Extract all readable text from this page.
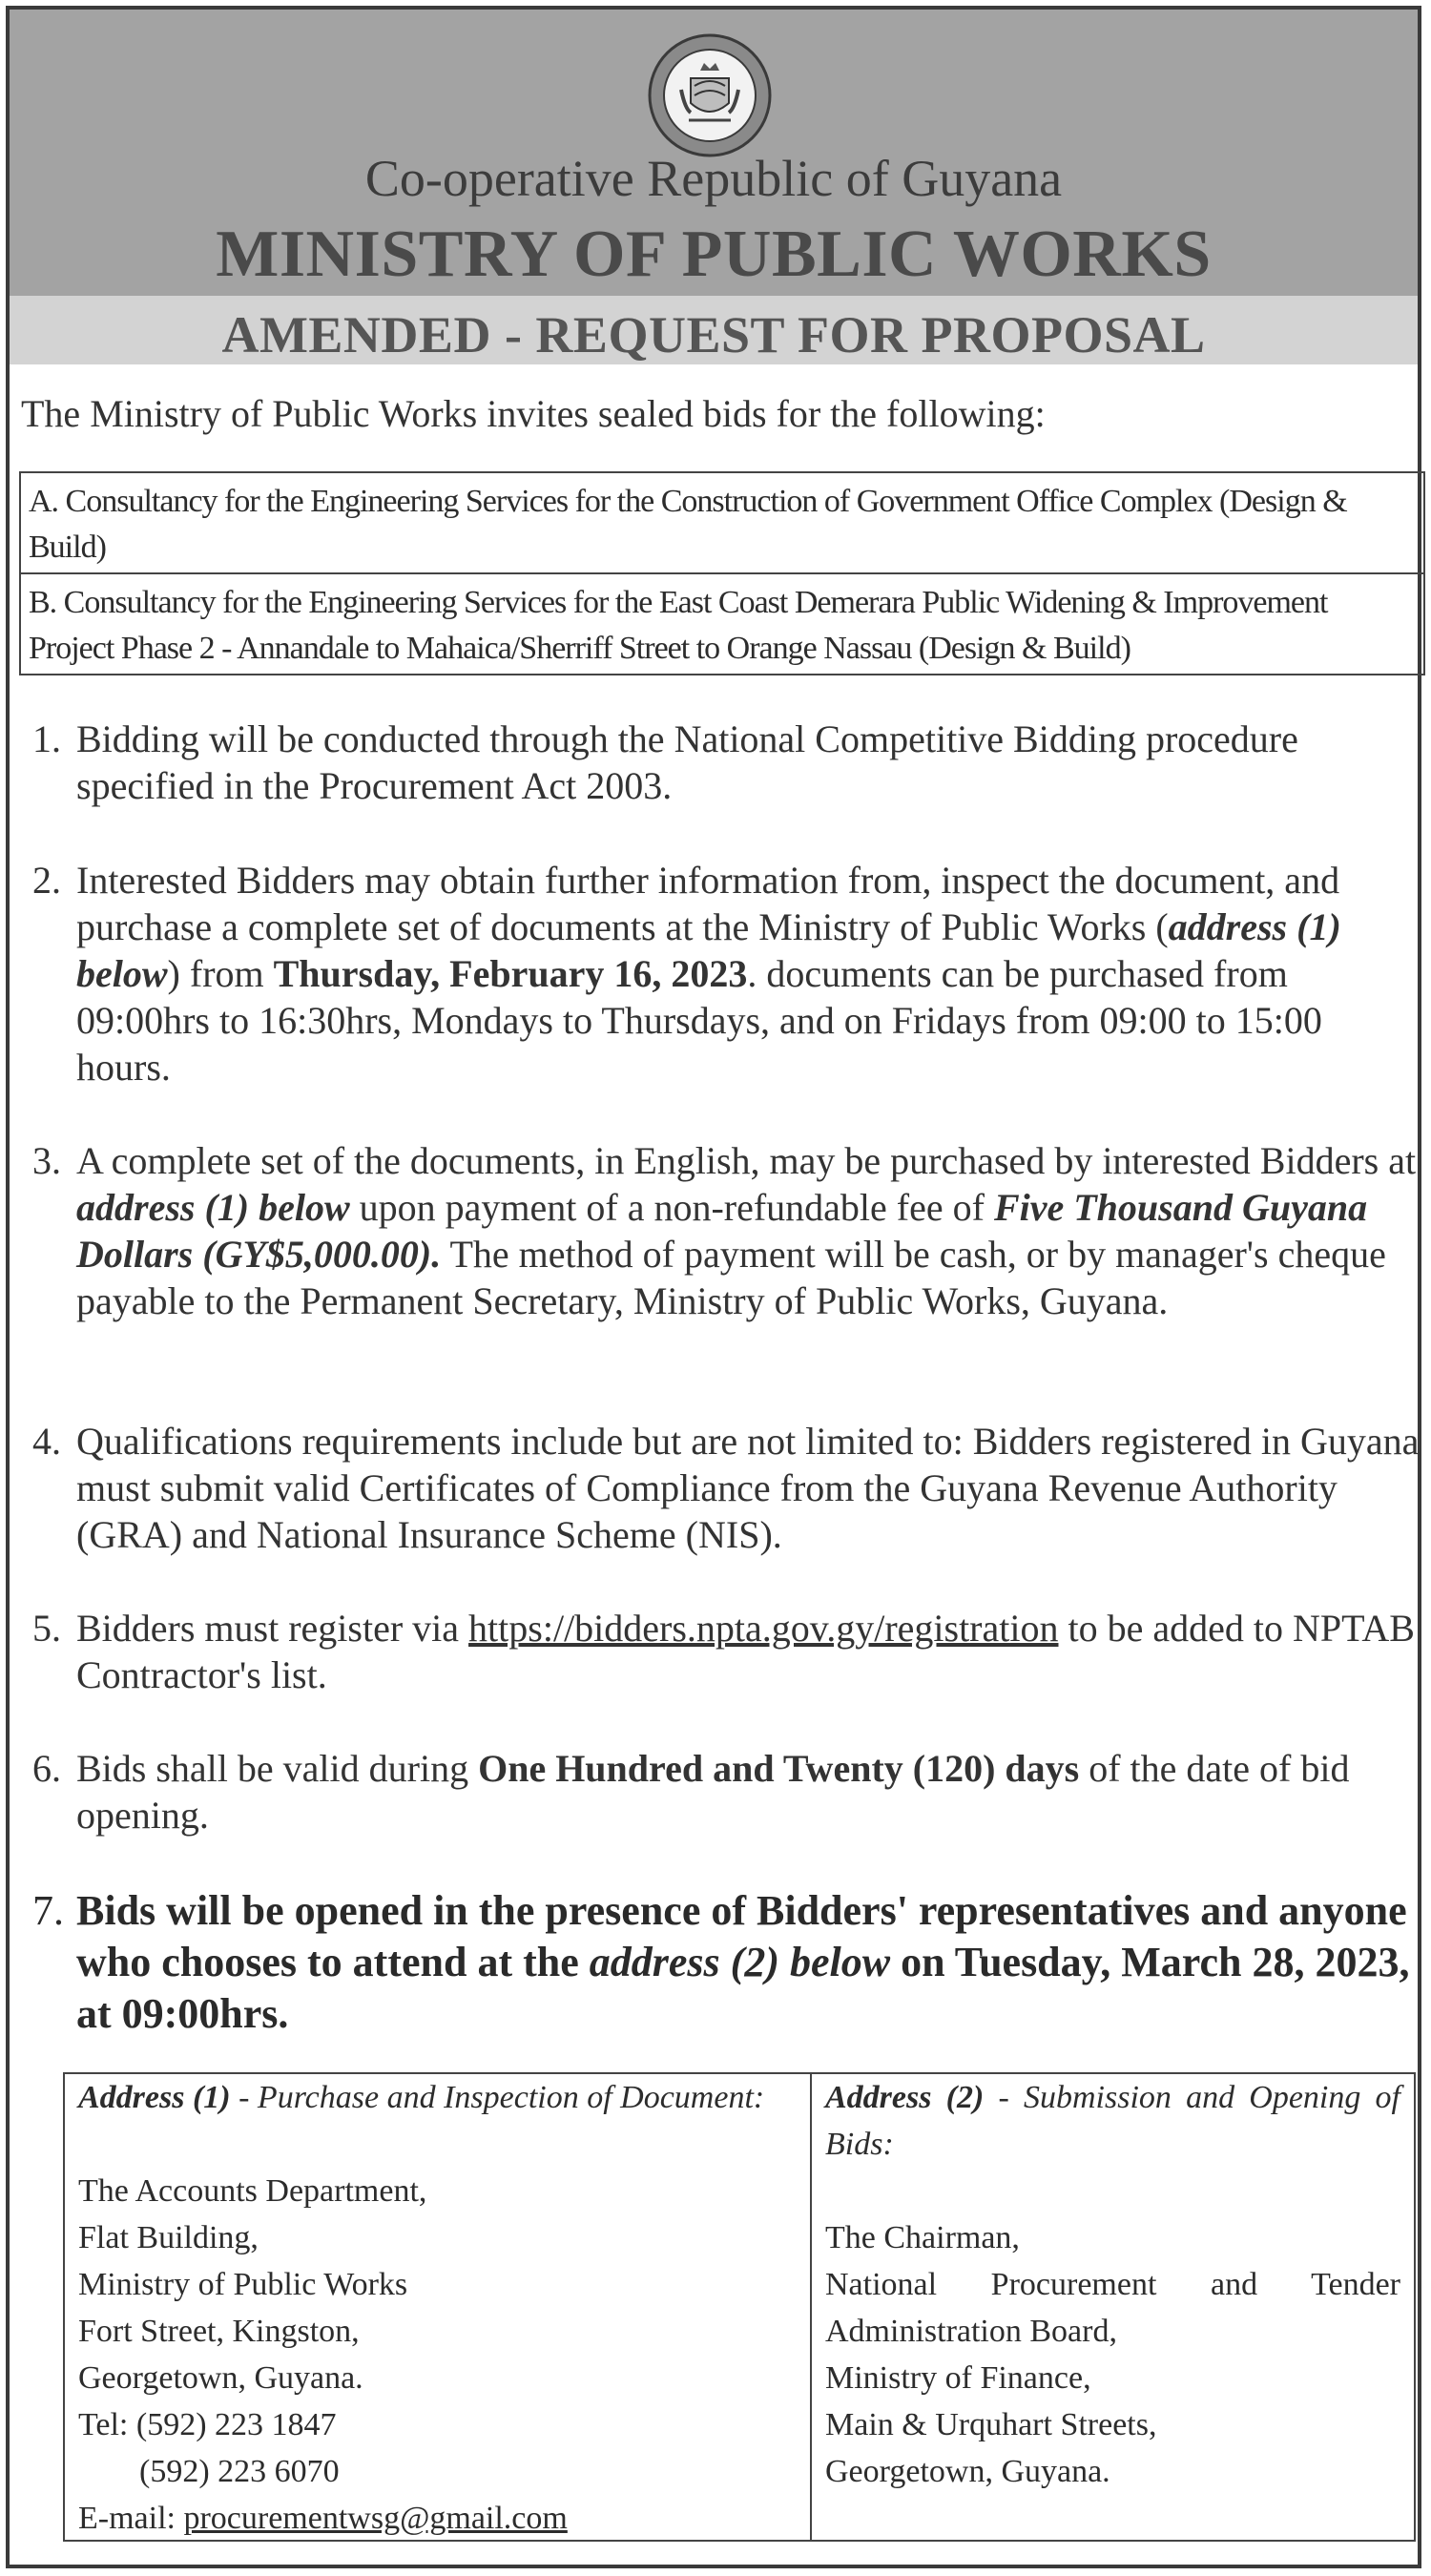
Co-operative Republic of Guyana
MINISTRY OF PUBLIC WORKS
AMENDED - REQUEST FOR PROPOSAL
The Ministry of Public Works invites sealed bids for the following:
A. Consultancy for the Engineering Services for the Construction of Government Office Complex (Design & Build)
B. Consultancy for the Engineering Services for the East Coast Demerara Public Widening & Improvement Project Phase 2 - Annandale to Mahaica/Sherriff Street to Orange Nassau (Design & Build)
1. Bidding will be conducted through the National Competitive Bidding procedure specified in the Procurement Act 2003.
2. Interested Bidders may obtain further information from, inspect the document, and purchase a complete set of documents at the Ministry of Public Works (address (1) below) from Thursday, February 16, 2023. documents can be purchased from 09:00hrs to 16:30hrs, Mondays to Thursdays, and on Fridays from 09:00 to 15:00 hours.
3. A complete set of the documents, in English, may be purchased by interested Bidders at address (1) below upon payment of a non-refundable fee of Five Thousand Guyana Dollars (GY$5,000.00). The method of payment will be cash, or by manager's cheque payable to the Permanent Secretary, Ministry of Public Works, Guyana.
4. Qualifications requirements include but are not limited to: Bidders registered in Guyana must submit valid Certificates of Compliance from the Guyana Revenue Authority (GRA) and National Insurance Scheme (NIS).
5. Bidders must register via https://bidders.npta.gov.gy/registration to be added to NPTAB Contractor's list.
6. Bids shall be valid during One Hundred and Twenty (120) days of the date of bid opening.
7. Bids will be opened in the presence of Bidders' representatives and anyone who chooses to attend at the address (2) below on Tuesday, March 28, 2023, at 09:00hrs.
Address (1) - Purchase and Inspection of Document:
The Accounts Department,
Flat Building,
Ministry of Public Works
Fort Street, Kingston,
Georgetown, Guyana.
Tel: (592) 223 1847
(592) 223 6070
E-mail: procurementwsg@gmail.com
Address (2) - Submission and Opening of Bids:
The Chairman,
National Procurement and Tender
Administration Board,
Ministry of Finance,
Main & Urquhart Streets,
Georgetown, Guyana.
